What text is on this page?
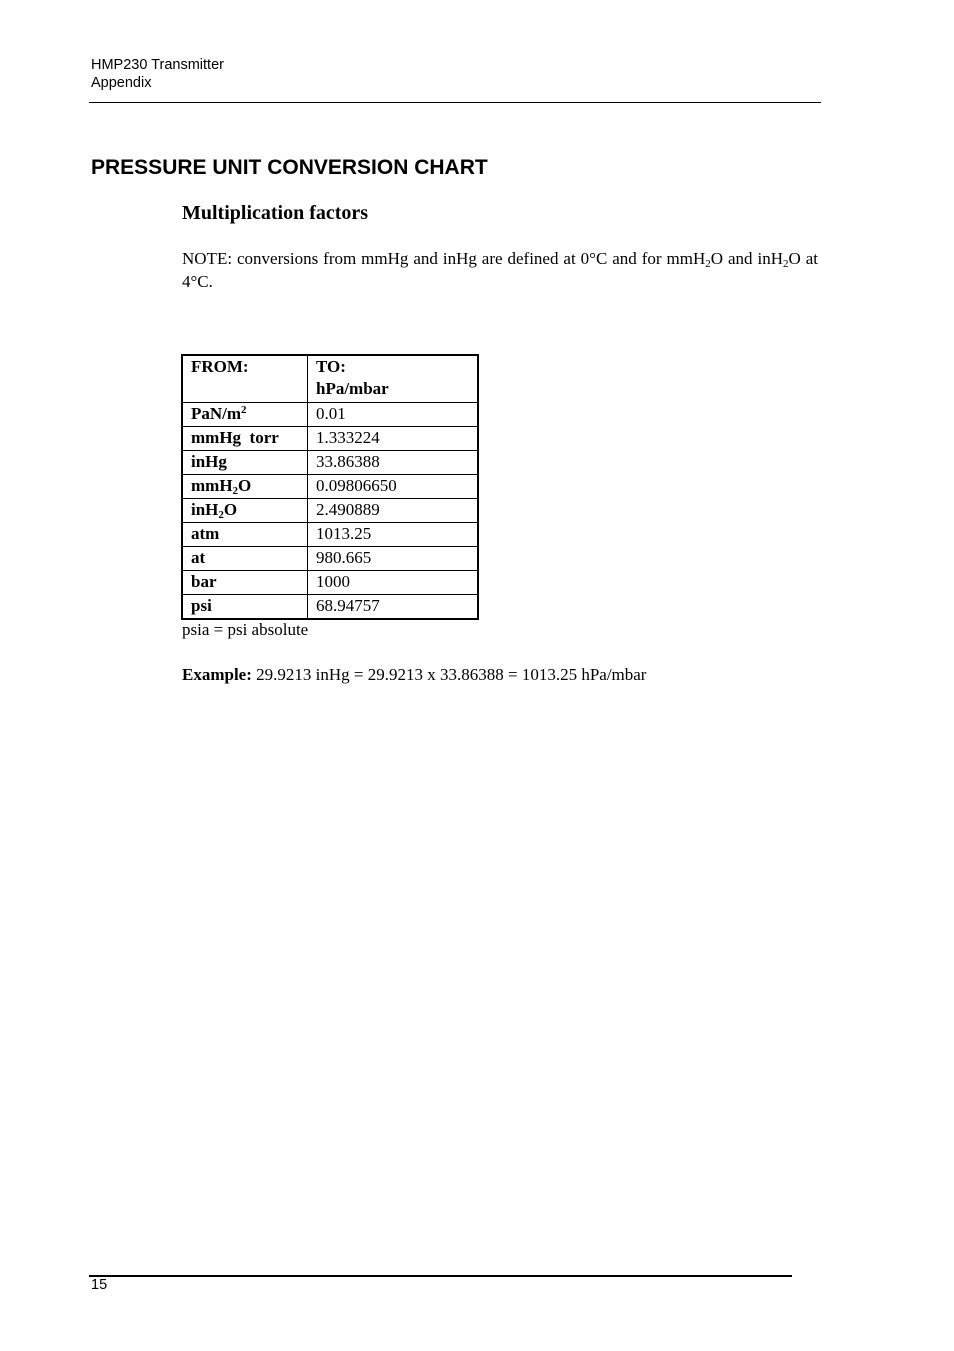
HMP230 Transmitter
Appendix
PRESSURE UNIT CONVERSION CHART
Multiplication factors

NOTE: conversions from mmHg and inHg are defined at 0°C and for mmH$_2$O and inH$_2$O at 4°C.

FROM:	TO:
hPa/mbar

PaN/$m^2$	0.01
mmHg  torr	1.333224
inHg	33.86388
mmH$_2$O	0.09806650
inH$_2$O	2.490889
atm	1013.25
at	980.665
bar	1000
psi	68.94757

psia = psi absolute

Example: 29.9213 inHg = 29.9213 x 33.86388 = 1013.25 hPa/mbar

15
